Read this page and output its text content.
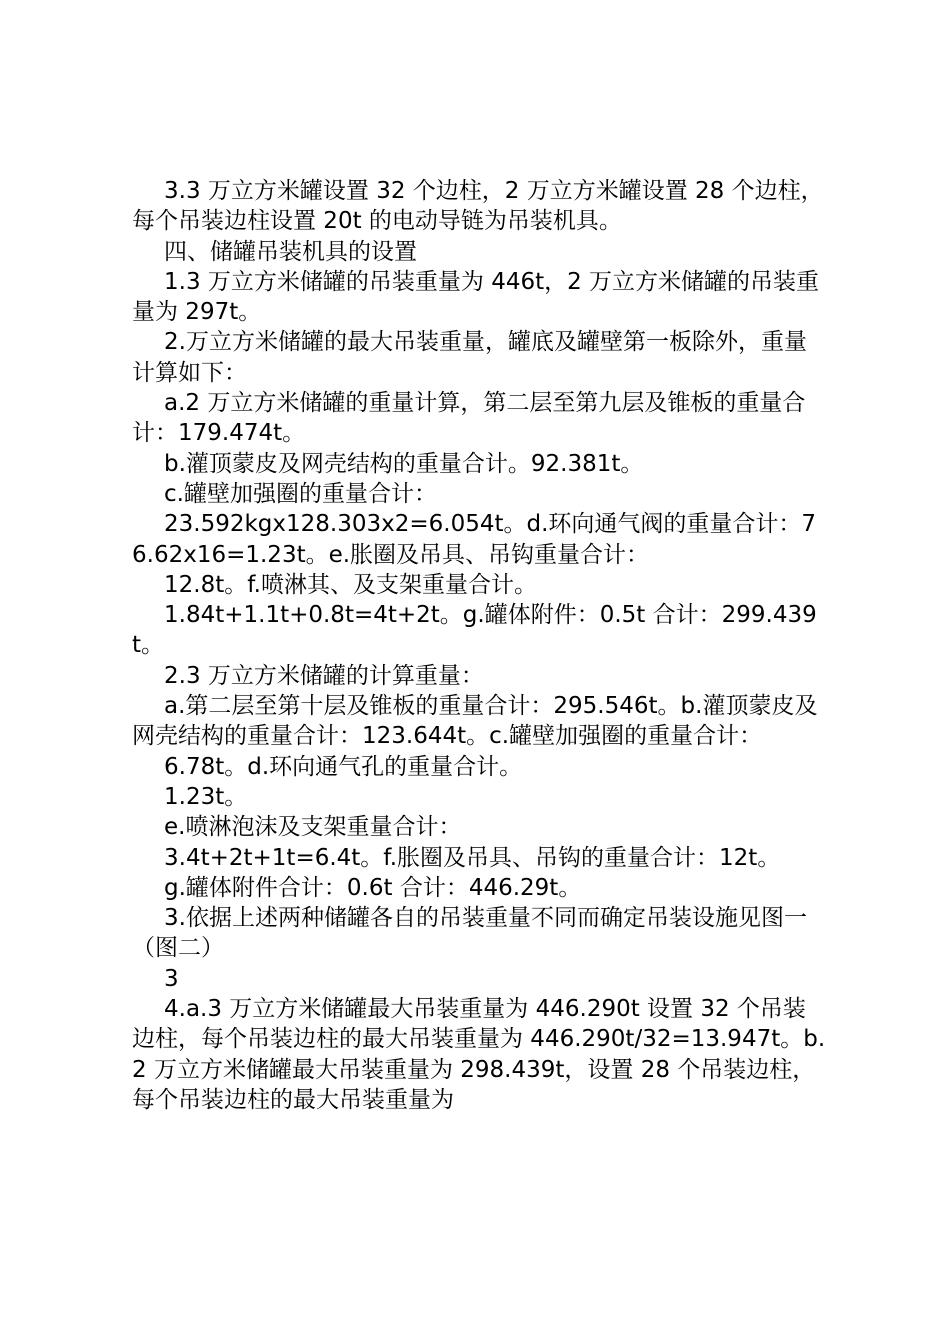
3.3 万立方米罐设置 32 个边柱，2 万立方米罐设置 28 个边柱，每个吊装边柱设置 20t 的电动导链为吊装机具。

四、储罐吊装机具的设置

1.3 万立方米储罐的吊装重量为 446t，2 万立方米储罐的吊装重量为 297t。

2.万立方米储罐的最大吊装重量，罐底及罐壁第一板除外，重量计算如下：

a.2 万立方米储罐的重量计算，第二层至第九层及锥板的重量合计：179.474t。

b.灌顶蒙皮及网壳结构的重量合计。92.381t。

c.罐壁加强圈的重量合计：

23.592kgx128.303x2=6.054t。d.环向通气阀的重量合计：76.62x16=1.23t。e.胀圈及吊具、吊钩重量合计：

12.8t。f.喷淋其、及支架重量合计。

1.84t+1.1t+0.8t=4t+2t。g.罐体附件：0.5t 合计：299.439t。

2.3 万立方米储罐的计算重量：

a.第二层至第十层及锥板的重量合计：295.546t。b.灌顶蒙皮及网壳结构的重量合计：123.644t。c.罐壁加强圈的重量合计：

6.78t。d.环向通气孔的重量合计。

1.23t。

e.喷淋泡沫及支架重量合计：

3.4t+2t+1t=6.4t。f.胀圈及吊具、吊钩的重量合计：12t。

g.罐体附件合计：0.6t 合计：446.29t。

3.依据上述两种储罐各自的吊装重量不同而确定吊装设施见图一（图二）

3

4.a.3 万立方米储罐最大吊装重量为 446.290t 设置 32 个吊装边柱，每个吊装边柱的最大吊装重量为 446.290t/32=13.947t。b.2 万立方米储罐最大吊装重量为 298.439t，设置 28 个吊装边柱，每个吊装边柱的最大吊装重量为
